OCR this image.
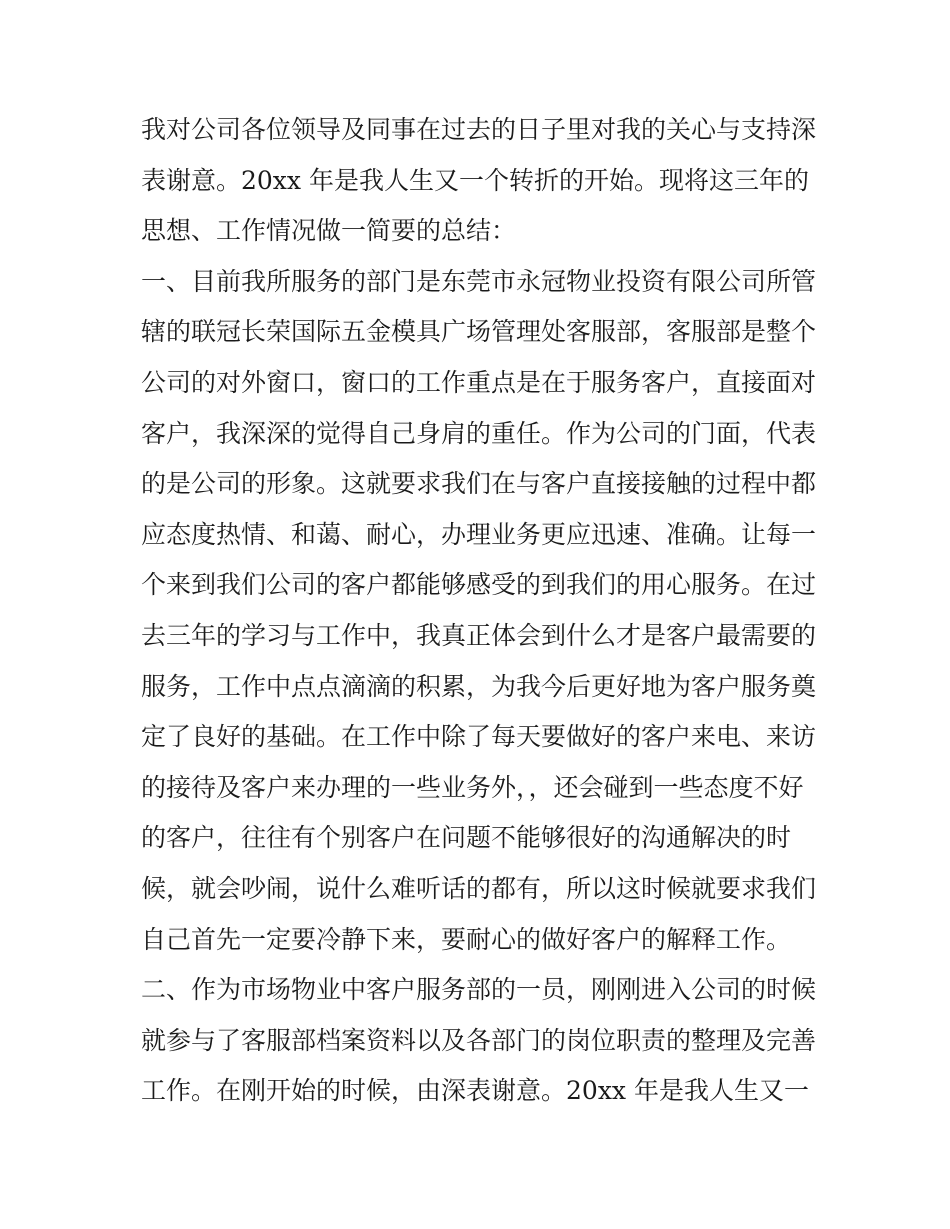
我对公司各位领导及同事在过去的日子里对我的关心与支持深
表谢意。20xx 年是我人生又一个转折的开始。现将这三年的
思想、工作情况做一简要的总结：
一、目前我所服务的部门是东莞市永冠物业投资有限公司所管
辖的联冠长荣国际五金模具广场管理处客服部，客服部是整个
公司的对外窗口，窗口的工作重点是在于服务客户，直接面对
客户，我深深的觉得自己身肩的重任。作为公司的门面，代表
的是公司的形象。这就要求我们在与客户直接接触的过程中都
应态度热情、和蔼、耐心，办理业务更应迅速、准确。让每一
个来到我们公司的客户都能够感受的到我们的用心服务。在过
去三年的学习与工作中，我真正体会到什么才是客户最需要的
服务，工作中点点滴滴的积累，为我今后更好地为客户服务奠
定了良好的基础。在工作中除了每天要做好的客户来电、来访
的接待及客户来办理的一些业务外，，还会碰到一些态度不好
的客户，往往有个别客户在问题不能够很好的沟通解决的时
候，就会吵闹，说什么难听话的都有，所以这时候就要求我们
自己首先一定要冷静下来，要耐心的做好客户的解释工作。
二、作为市场物业中客户服务部的一员，刚刚进入公司的时候
就参与了客服部档案资料以及各部门的岗位职责的整理及完善
工作。在刚开始的时候，由深表谢意。20xx 年是我人生又一
